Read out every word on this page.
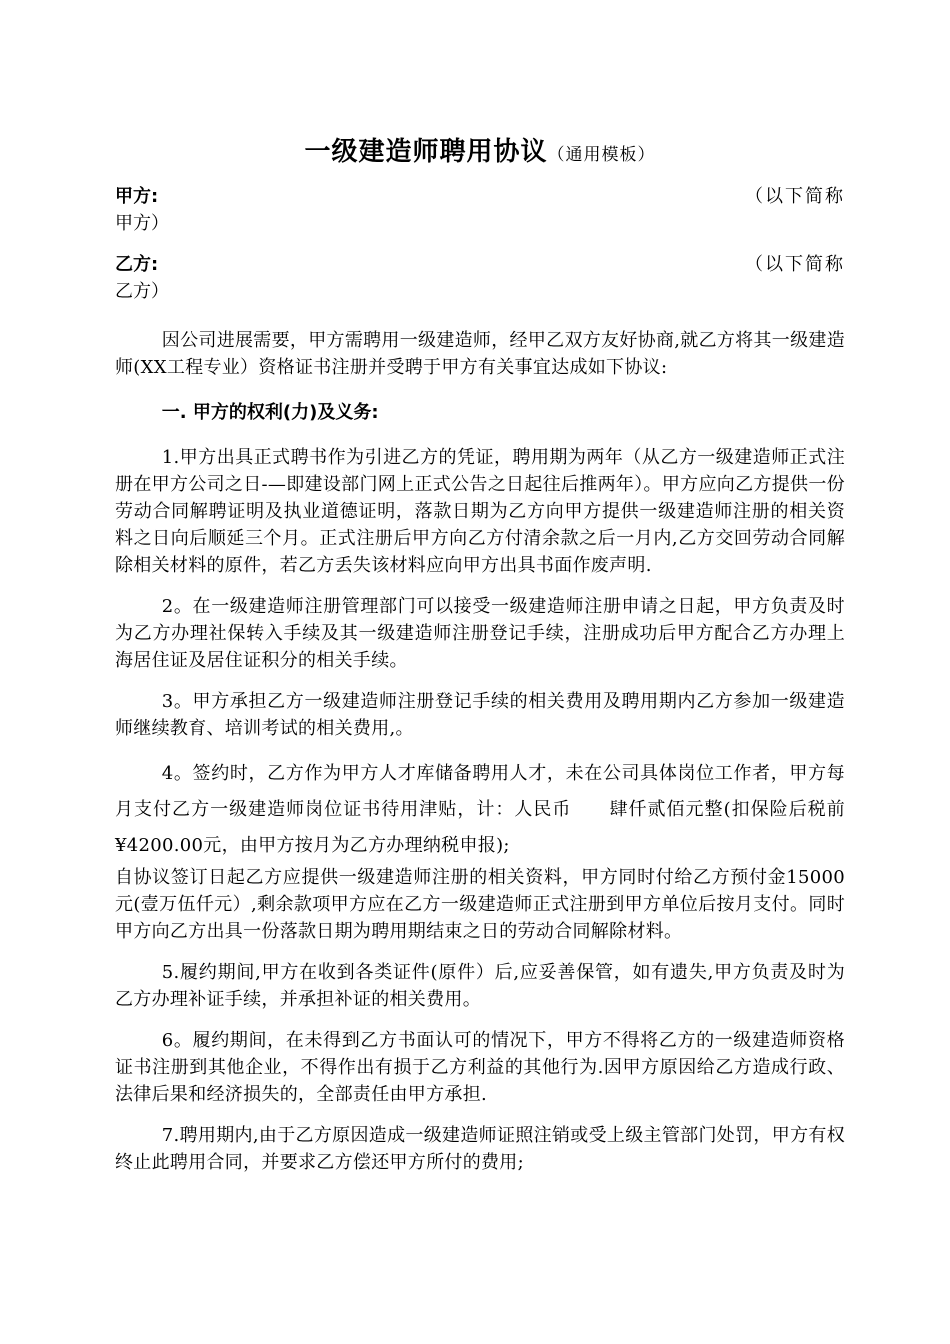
一级建造师聘用协议（通用模板）
甲方:	（以下简称
甲方）
乙方:	（以下简称
乙方）

因公司进展需要，甲方需聘用一级建造师，经甲乙双方友好协商,就乙方将其一级建造师(XX工程专业）资格证书注册并受聘于甲方有关事宜达成如下协议:

一. 甲方的权利(力)及义务:

1.甲方出具正式聘书作为引进乙方的凭证，聘用期为两年（从乙方一级建造师正式注册在甲方公司之日-—即建设部门网上正式公告之日起往后推两年）。甲方应向乙方提供一份劳动合同解聘证明及执业道德证明，落款日期为乙方向甲方提供一级建造师注册的相关资料之日向后顺延三个月。正式注册后甲方向乙方付清余款之后一月内,乙方交回劳动合同解除相关材料的原件，若乙方丢失该材料应向甲方出具书面作废声明.

2。在一级建造师注册管理部门可以接受一级建造师注册申请之日起，甲方负责及时为乙方办理社保转入手续及其一级建造师注册登记手续，注册成功后甲方配合乙方办理上海居住证及居住证积分的相关手续。

3。甲方承担乙方一级建造师注册登记手续的相关费用及聘用期内乙方参加一级建造师继续教育、培训考试的相关费用,。

4。签约时，乙方作为甲方人才库储备聘用人才，未在公司具体岗位工作者，甲方每月支付乙方一级建造师岗位证书待用津贴，计：人民币　　肆仟贰佰元整(扣保险后税前¥4200.00元，由甲方按月为乙方办理纳税申报);

自协议签订日起乙方应提供一级建造师注册的相关资料，甲方同时付给乙方预付金15000元(壹万伍仟元）,剩余款项甲方应在乙方一级建造师正式注册到甲方单位后按月支付。同时甲方向乙方出具一份落款日期为聘用期结束之日的劳动合同解除材料。

5.履约期间,甲方在收到各类证件(原件）后,应妥善保管，如有遗失,甲方负责及时为乙方办理补证手续，并承担补证的相关费用。

6。履约期间，在未得到乙方书面认可的情况下，甲方不得将乙方的一级建造师资格证书注册到其他企业，不得作出有损于乙方利益的其他行为.因甲方原因给乙方造成行政、法律后果和经济损失的，全部责任由甲方承担.

7.聘用期内,由于乙方原因造成一级建造师证照注销或受上级主管部门处罚，甲方有权终止此聘用合同，并要求乙方偿还甲方所付的费用;
